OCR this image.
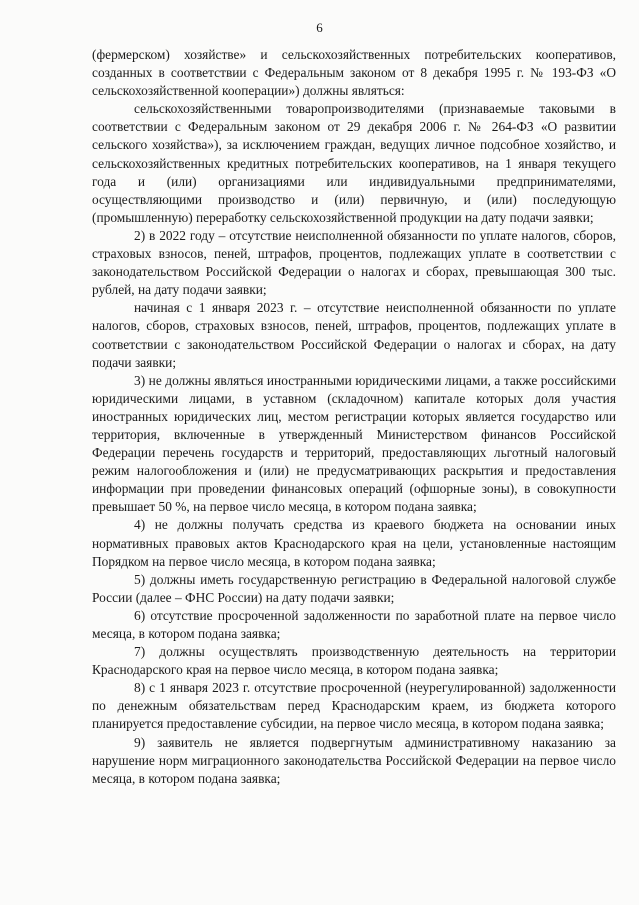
6

(фермерском) хозяйстве» и сельскохозяйственных потребительских кооперативов, созданных в соответствии с Федеральным законом от 8 декабря 1995 г. № 193-ФЗ «О сельскохозяйственной кооперации») должны являться:

сельскохозяйственными товаропроизводителями (признаваемые таковыми в соответствии с Федеральным законом от 29 декабря 2006 г. № 264-ФЗ «О развитии сельского хозяйства»), за исключением граждан, ведущих личное подсобное хозяйство, и сельскохозяйственных кредитных потребительских кооперативов, на 1 января текущего года и (или) организациями или индивидуальными предпринимателями, осуществляющими производство и (или) первичную, и (или) последующую (промышленную) переработку сельскохозяйственной продукции на дату подачи заявки;

2) в 2022 году – отсутствие неисполненной обязанности по уплате налогов, сборов, страховых взносов, пеней, штрафов, процентов, подлежащих уплате в соответствии с законодательством Российской Федерации о налогах и сборах, превышающая 300 тыс. рублей, на дату подачи заявки;

начиная с 1 января 2023 г. – отсутствие неисполненной обязанности по уплате налогов, сборов, страховых взносов, пеней, штрафов, процентов, подлежащих уплате в соответствии с законодательством Российской Федерации о налогах и сборах, на дату подачи заявки;

3) не должны являться иностранными юридическими лицами, а также российскими юридическими лицами, в уставном (складочном) капитале которых доля участия иностранных юридических лиц, местом регистрации которых является государство или территория, включенные в утвержденный Министерством финансов Российской Федерации перечень государств и территорий, предоставляющих льготный налоговый режим налогообложения и (или) не предусматривающих раскрытия и предоставления информации при проведении финансовых операций (офшорные зоны), в совокупности превышает 50 %, на первое число месяца, в котором подана заявка;

4) не должны получать средства из краевого бюджета на основании иных нормативных правовых актов Краснодарского края на цели, установленные настоящим Порядком на первое число месяца, в котором подана заявка;

5) должны иметь государственную регистрацию в Федеральной налоговой службе России (далее – ФНС России) на дату подачи заявки;

6) отсутствие просроченной задолженности по заработной плате на первое число месяца, в котором подана заявка;

7) должны осуществлять производственную деятельность на территории Краснодарского края на первое число месяца, в котором подана заявка;

8) с 1 января 2023 г. отсутствие просроченной (неурегулированной) задолженности по денежным обязательствам перед Краснодарским краем, из бюджета которого планируется предоставление субсидии, на первое число месяца, в котором подана заявка;

9) заявитель не является подвергнутым административному наказанию за нарушение норм миграционного законодательства Российской Федерации на первое число месяца, в котором подана заявка;
